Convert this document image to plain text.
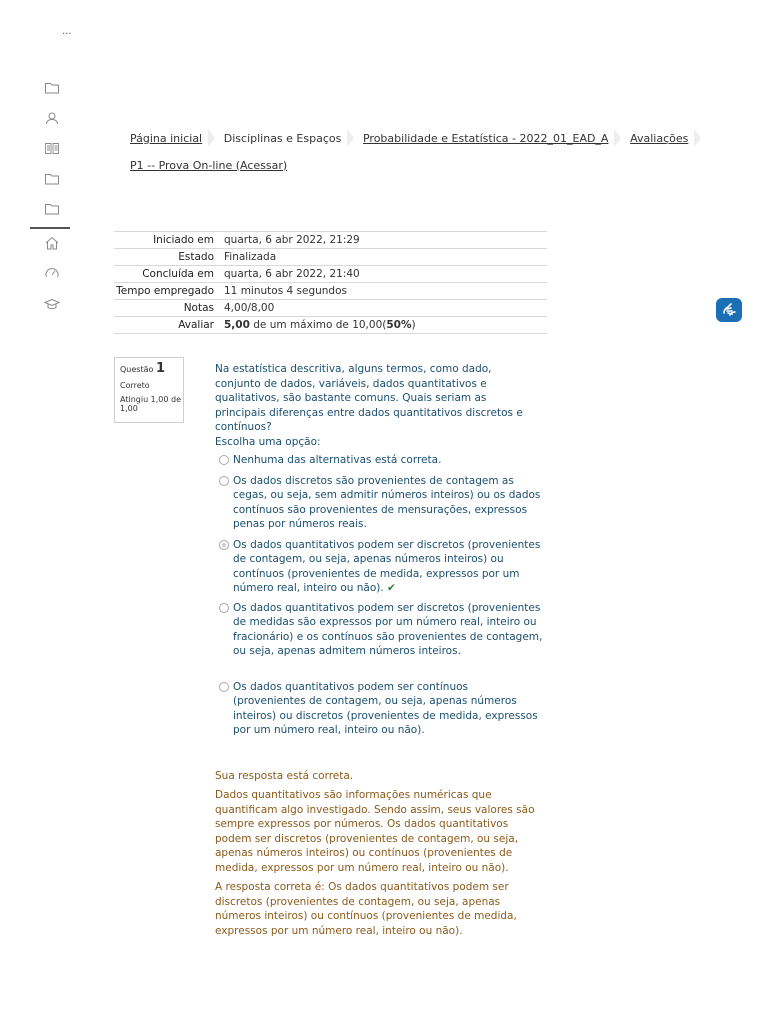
...
Página inicial Disciplinas e Espaços Probabilidade e Estatística - 2022_01_EAD_A Avaliações
P1 -- Prova On-line (Acessar)
Iniciado em	quarta, 6 abr 2022, 21:29
Estado	Finalizada
Concluída em	quarta, 6 abr 2022, 21:40
Tempo empregado	11 minutos 4 segundos
Notas	4,00/8,00
Avaliar	5,00 de um máximo de 10,00(50%)
Questão 1
Correto
Atingiu 1,00 de 1,00
Na estatística descritiva, alguns termos, como dado, conjunto de dados, variáveis, dados quantitativos e qualitativos, são bastante comuns. Quais seriam as principais diferenças entre dados quantitativos discretos e contínuos?
Escolha uma opção:
Nenhuma das alternativas está correta.
Os dados discretos são provenientes de contagem as cegas, ou seja, sem admitir números inteiros) ou os dados contínuos são provenientes de mensurações, expressos penas por números reais.
Os dados quantitativos podem ser discretos (provenientes de contagem, ou seja, apenas números inteiros) ou contínuos (provenientes de medida, expressos por um número real, inteiro ou não). ✔
Os dados quantitativos podem ser discretos (provenientes de medidas são expressos por um número real, inteiro ou fracionário) e os contínuos são provenientes de contagem, ou seja, apenas admitem números inteiros.
Os dados quantitativos podem ser contínuos (provenientes de contagem, ou seja, apenas números inteiros) ou discretos (provenientes de medida, expressos por um número real, inteiro ou não).
Sua resposta está correta.
Dados quantitativos são informações numéricas que quantificam algo investigado. Sendo assim, seus valores são sempre expressos por números. Os dados quantitativos podem ser discretos (provenientes de contagem, ou seja, apenas números inteiros) ou contínuos (provenientes de medida, expressos por um número real, inteiro ou não).
A resposta correta é: Os dados quantitativos podem ser discretos (provenientes de contagem, ou seja, apenas números inteiros) ou contínuos (provenientes de medida, expressos por um número real, inteiro ou não).
